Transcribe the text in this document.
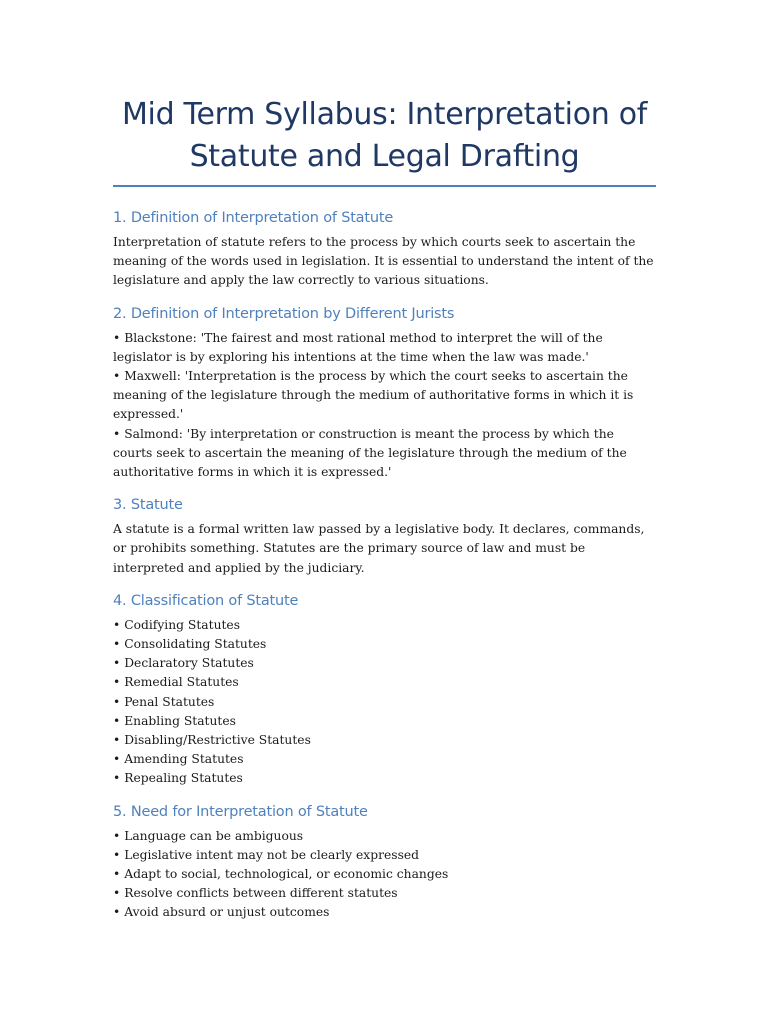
Mid Term Syllabus: Interpretation of Statute and Legal Drafting
1. Definition of Interpretation of Statute

Interpretation of statute refers to the process by which courts seek to ascertain the meaning of the words used in legislation. It is essential to understand the intent of the legislature and apply the law correctly to various situations.

2. Definition of Interpretation by Different Jurists
• Blackstone: 'The fairest and most rational method to interpret the will of the legislator is by exploring his intentions at the time when the law was made.'
• Maxwell: 'Interpretation is the process by which the court seeks to ascertain the meaning of the legislature through the medium of authoritative forms in which it is expressed.'
• Salmond: 'By interpretation or construction is meant the process by which the courts seek to ascertain the meaning of the legislature through the medium of the authoritative forms in which it is expressed.'
3. Statute

A statute is a formal written law passed by a legislative body. It declares, commands, or prohibits something. Statutes are the primary source of law and must be interpreted and applied by the judiciary.

4. Classification of Statute
• Codifying Statutes
• Consolidating Statutes
• Declaratory Statutes
• Remedial Statutes
• Penal Statutes
• Enabling Statutes
• Disabling/Restrictive Statutes
• Amending Statutes
• Repealing Statutes
5. Need for Interpretation of Statute
• Language can be ambiguous
• Legislative intent may not be clearly expressed
• Adapt to social, technological, or economic changes
• Resolve conflicts between different statutes
• Avoid absurd or unjust outcomes
